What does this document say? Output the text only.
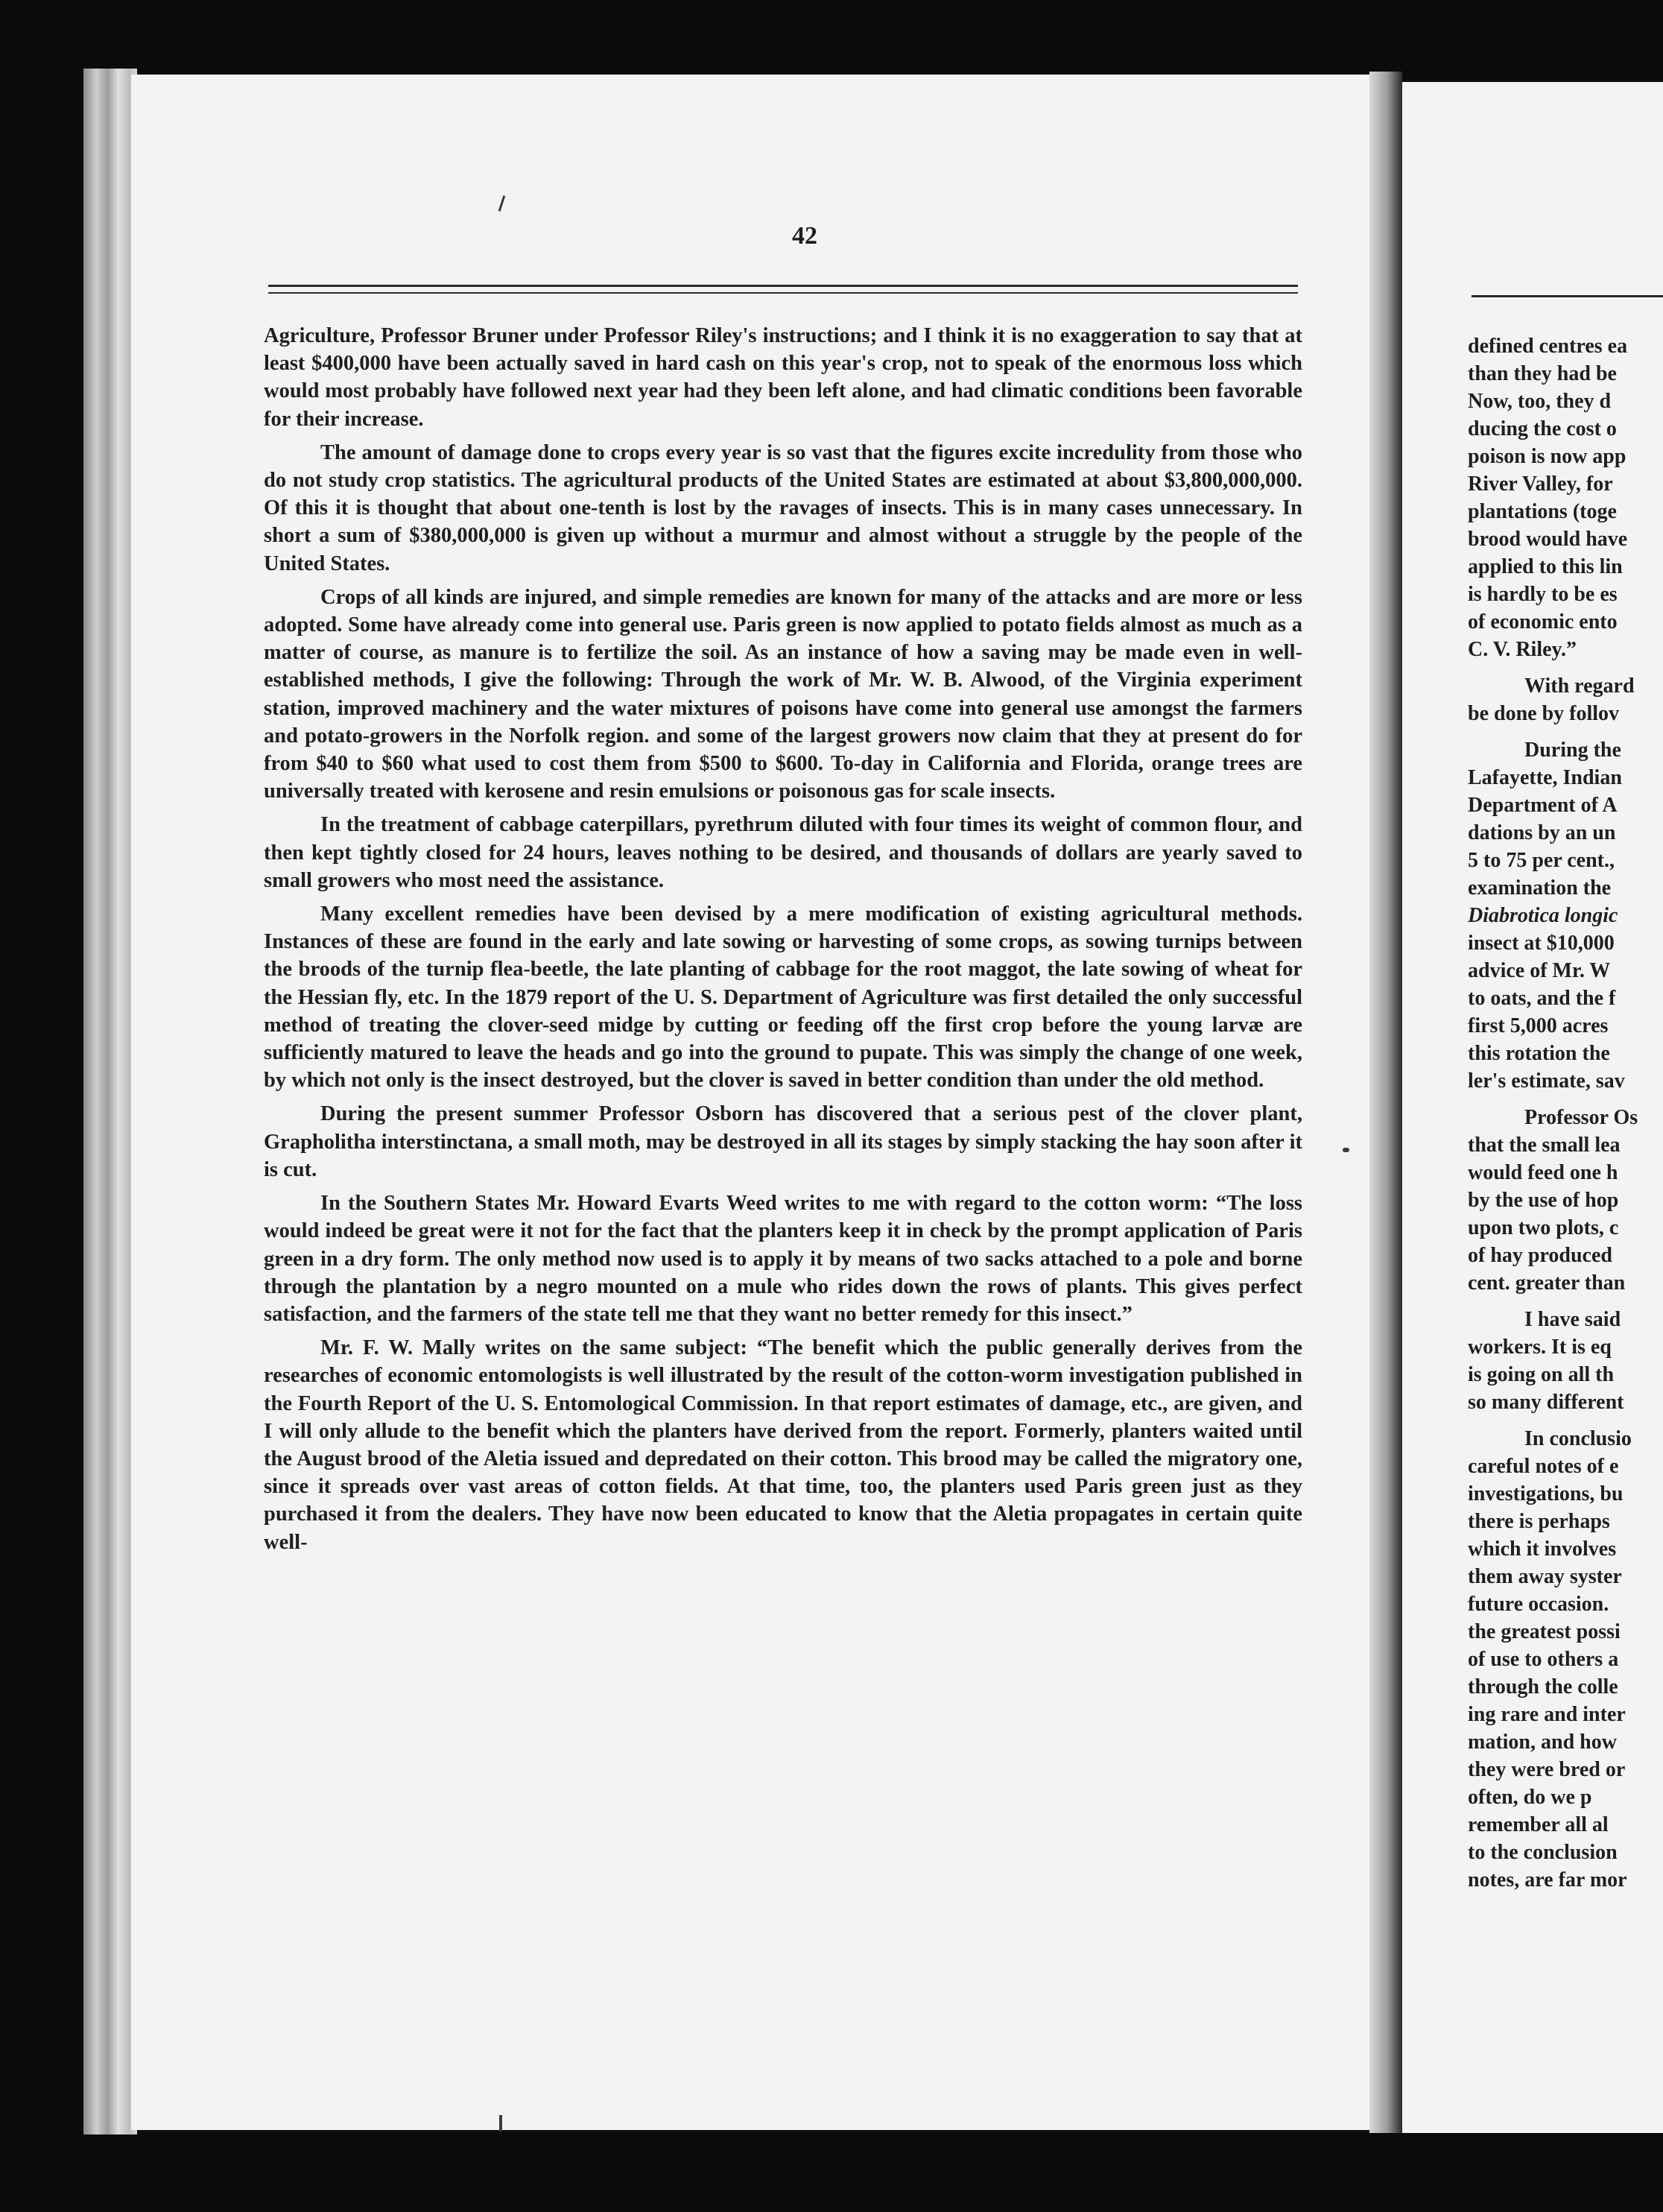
42

Agriculture, Professor Bruner under Professor Riley's instructions; and I think it is no exaggeration to say that at least $400,000 have been actually saved in hard cash on this year's crop, not to speak of the enormous loss which would most probably have followed next year had they been left alone, and had climatic conditions been favorable for their increase.

The amount of damage done to crops every year is so vast that the figures excite incredulity from those who do not study crop statistics. The agricultural products of the United States are estimated at about $3,800,000,000. Of this it is thought that about one-tenth is lost by the ravages of insects. This is in many cases unnecessary. In short a sum of $380,000,000 is given up without a murmur and almost without a struggle by the people of the United States.

Crops of all kinds are injured, and simple remedies are known for many of the attacks and are more or less adopted. Some have already come into general use. Paris green is now applied to potato fields almost as much as a matter of course, as manure is to fertilize the soil. As an instance of how a saving may be made even in well-established methods, I give the following: Through the work of Mr. W. B. Alwood, of the Virginia experiment station, improved machinery and the water mixtures of poisons have come into general use amongst the farmers and potato-growers in the Norfolk region. and some of the largest growers now claim that they at present do for from $40 to $60 what used to cost them from $500 to $600. To-day in California and Florida, orange trees are universally treated with kerosene and resin emulsions or poisonous gas for scale insects.

In the treatment of cabbage caterpillars, pyrethrum diluted with four times its weight of common flour, and then kept tightly closed for 24 hours, leaves nothing to be desired, and thousands of dollars are yearly saved to small growers who most need the assistance.

Many excellent remedies have been devised by a mere modification of existing agricultural methods. Instances of these are found in the early and late sowing or harvesting of some crops, as sowing turnips between the broods of the turnip flea-beetle, the late planting of cabbage for the root maggot, the late sowing of wheat for the Hessian fly, etc. In the 1879 report of the U. S. Department of Agriculture was first detailed the only successful method of treating the clover-seed midge by cutting or feeding off the first crop before the young larvæ are sufficiently matured to leave the heads and go into the ground to pupate. This was simply the change of one week, by which not only is the insect destroyed, but the clover is saved in better condition than under the old method.

During the present summer Professor Osborn has discovered that a serious pest of the clover plant, Grapholitha interstinctana, a small moth, may be destroyed in all its stages by simply stacking the hay soon after it is cut.

In the Southern States Mr. Howard Evarts Weed writes to me with regard to the cotton worm: “The loss would indeed be great were it not for the fact that the planters keep it in check by the prompt application of Paris green in a dry form. The only method now used is to apply it by means of two sacks attached to a pole and borne through the plantation by a negro mounted on a mule who rides down the rows of plants. This gives perfect satisfaction, and the farmers of the state tell me that they want no better remedy for this insect.”

Mr. F. W. Mally writes on the same subject: “The benefit which the public generally derives from the researches of economic entomologists is well illustrated by the result of the cotton-worm investigation published in the Fourth Report of the U. S. Entomological Commission. In that report estimates of damage, etc., are given, and I will only allude to the benefit which the planters have derived from the report. Formerly, planters waited until the August brood of the Aletia issued and depredated on their cotton. This brood may be called the migratory one, since it spreads over vast areas of cotton fields. At that time, too, the planters used Paris green just as they purchased it from the dealers. They have now been educated to know that the Aletia propagates in certain quite well-

defined centres ea
than they had be
Now, too, they d
ducing the cost o
poison is now app
River Valley, for
plantations (toge
brood would have
applied to this lin
is hardly to be es
of economic ento
C. V. Riley.”
With regard
be done by follov
During the
Lafayette, Indian
Department of A
dations by an un
5 to 75 per cent.,
examination the
Diabrotica longic
insect at $10,000
advice of Mr. W
to oats, and the f
first 5,000 acres
this rotation the
ler's estimate, sav
Professor Os
that the small lea
would feed one h
by the use of hop
upon two plots, c
of hay produced
cent. greater than
I have said
workers. It is eq
is going on all th
so many different
In conclusio
careful notes of e
investigations, bu
there is perhaps
which it involves
them away syster
future occasion.
the greatest possi
of use to others a
through the colle
ing rare and inter
mation, and how
they were bred or
often, do we p
remember all al
to the conclusion
notes, are far mor
